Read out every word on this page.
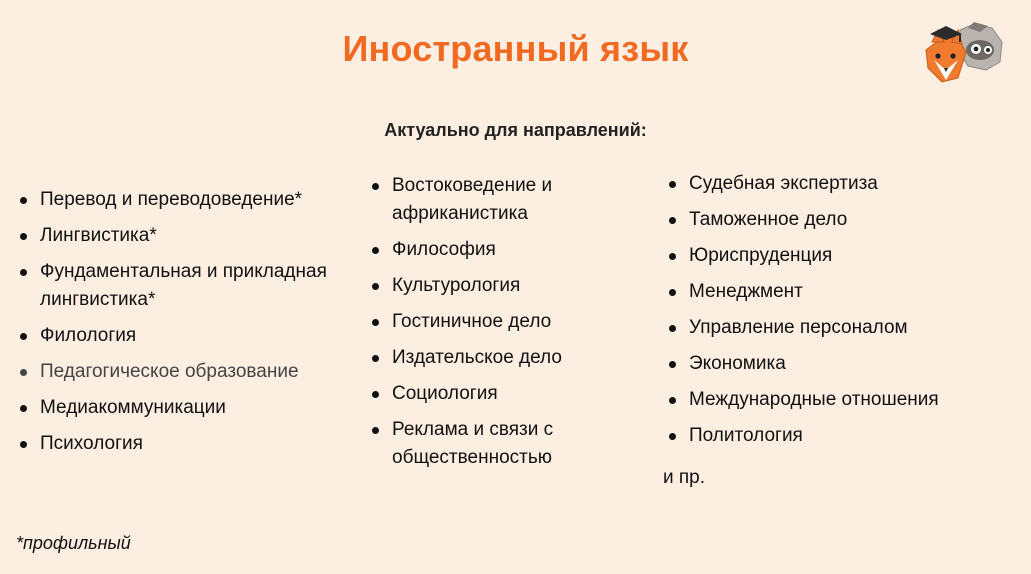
Иностранный язык
Актуально для направлений:
Перевод и переводоведение*
Лингвистика*
Фундаментальная и прикладная лингвистика*
Филология
Педагогическое образование
Медиакоммуникации
Психология
Востоковедение и африканистика
Философия
Культурология
Гостиничное дело
Издательское дело
Социология
Реклама и связи с общественностью
Судебная экспертиза
Таможенное дело
Юриспруденция
Менеджмент
Управление персоналом
Экономика
Международные отношения
Политология
и пр.
*профильный
